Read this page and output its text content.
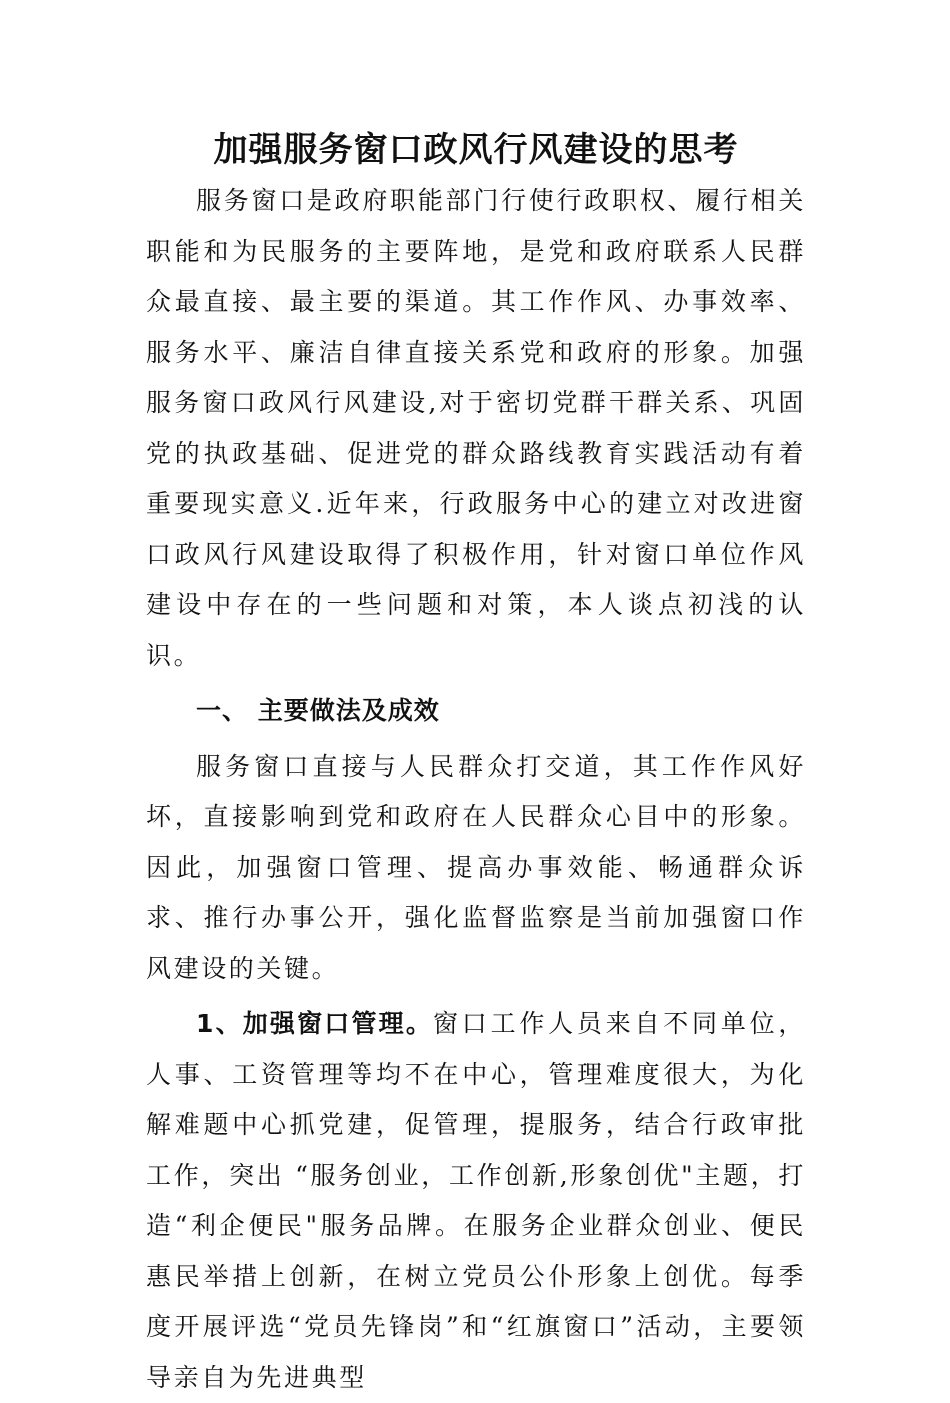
加强服务窗口政风行风建设的思考

服务窗口是政府职能部门行使行政职权、履行相关职能和为民服务的主要阵地，是党和政府联系人民群众最直接、最主要的渠道。其工作作风、办事效率、服务水平、廉洁自律直接关系党和政府的形象。加强服务窗口政风行风建设,对于密切党群干群关系、巩固党的执政基础、促进党的群众路线教育实践活动有着重要现实意义.近年来，行政服务中心的建立对改进窗口政风行风建设取得了积极作用，针对窗口单位作风建设中存在的一些问题和对策，本人谈点初浅的认识。

一、 主要做法及成效

服务窗口直接与人民群众打交道，其工作作风好坏，直接影响到党和政府在人民群众心目中的形象。因此，加强窗口管理、提高办事效能、畅通群众诉求、推行办事公开，强化监督监察是当前加强窗口作风建设的关键。

1、加强窗口管理。窗口工作人员来自不同单位，人事、工资管理等均不在中心，管理难度很大，为化解难题中心抓党建，促管理，提服务，结合行政审批工作，突出 “服务创业，工作创新,形象创优"主题，打造“利企便民"服务品牌。在服务企业群众创业、便民惠民举措上创新，在树立党员公仆形象上创优。每季度开展评选“党员先锋岗”和“红旗窗口”活动，主要领导亲自为先进典型
